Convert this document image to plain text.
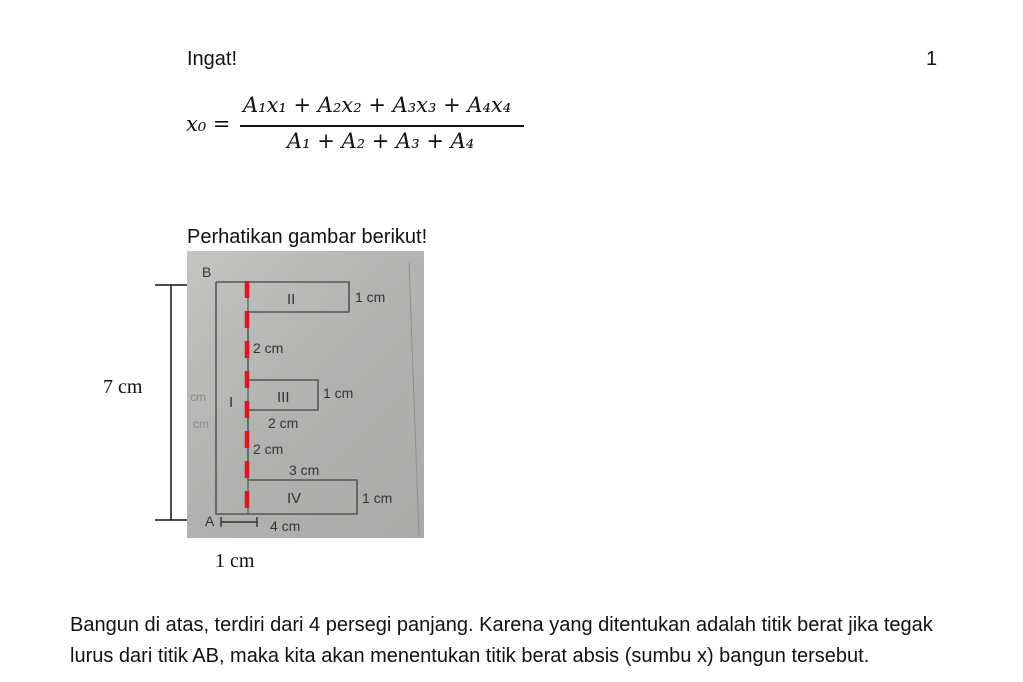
Ingat!	1
x₀ =
A₁x₁ + A₂x₂ + A₃x₃ + A₄x₄
A₁ + A₂ + A₃ + A₄
Perhatikan gambar berikut!
7 cm
B
A
I
II
III
IV
1 cm
2 cm
1 cm
2 cm
2 cm
3 cm
1 cm
4 cm
cm
cm
1 cm
Bangun di atas, terdiri dari 4 persegi panjang. Karena yang ditentukan adalah titik berat jika tegak
lurus dari titik AB, maka kita akan menentukan titik berat absis (sumbu x) bangun tersebut.
